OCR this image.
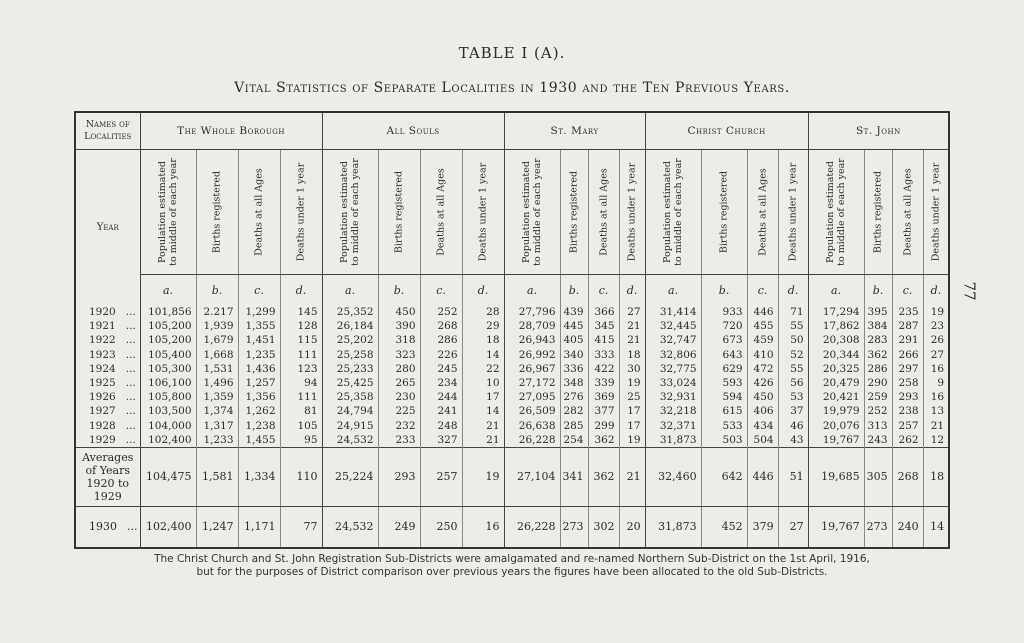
TABLE I (A).
Vital Statistics of Separate Localities in 1930 and the Ten Previous Years.
77
Names of Localities	The Whole Borough				All Souls				St. Mary				Christ Church				St. John			
Year	Population estimated to middle of each year	Births registered	Deaths at all Ages	Deaths under 1 year	Population estimated to middle of each year	Births registered	Deaths at all Ages	Deaths under 1 year	Population estimated to middle of each year	Births registered	Deaths at all Ages	Deaths under 1 year	Population estimated to middle of each year	Births registered	Deaths at all Ages	Deaths under 1 year	Population estimated to middle of each year	Births registered	Deaths at all Ages	Deaths under 1 year

	a.	b.	c.	d.	a.	b.	c.	d.	a.	b.	c.	d.	a.	b.	c.	d.	a.	b.	c.	d.
1920 ...	101,856	2.217	1,299	145	25,352	450	252	28	27,796	439	366	27	31,414	933	446	71	17,294	395	235	19
1921 ...	105,200	1,939	1,355	128	26,184	390	268	29	28,709	445	345	21	32,445	720	455	55	17,862	384	287	23
1922 ...	105,200	1,679	1,451	115	25,202	318	286	18	26,943	405	415	21	32,747	673	459	50	20,308	283	291	26
1923 ...	105,400	1,668	1,235	111	25,258	323	226	14	26,992	340	333	18	32,806	643	410	52	20,344	362	266	27
1924 ...	105,300	1,531	1,436	123	25,233	280	245	22	26,967	336	422	30	32,775	629	472	55	20,325	286	297	16
1925 ...	106,100	1,496	1,257	94	25,425	265	234	10	27,172	348	339	19	33,024	593	426	56	20,479	290	258	9
1926 ...	105,800	1,359	1,356	111	25,358	230	244	17	27,095	276	369	25	32,931	594	450	53	20,421	259	293	16
1927 ...	103,500	1,374	1,262	81	24,794	225	241	14	26,509	282	377	17	32,218	615	406	37	19,979	252	238	13
1928 ...	104,000	1,317	1,238	105	24,915	232	248	21	26,638	285	299	17	32,371	533	434	46	20,076	313	257	21
1929 ...	102,400	1,233	1,455	95	24,532	233	327	21	26,228	254	362	19	31,873	503	504	43	19,767	243	262	12

Averages
of Years
1920 to
1929	104,475	1,581	1,334	110	25,224	293	257	19	27,104	341	362	21	32,460	642	446	51	19,685	305	268	18
1930 ...	102,400	1,247	1,171	77	24,532	249	250	16	26,228	273	302	20	31,873	452	379	27	19,767	273	240	14
The Christ Church and St. John Registration Sub-Districts were amalgamated and re-named Northern Sub-District on the 1st April, 1916,
but for the purposes of District comparison over previous years the figures have been allocated to the old Sub-Districts.
